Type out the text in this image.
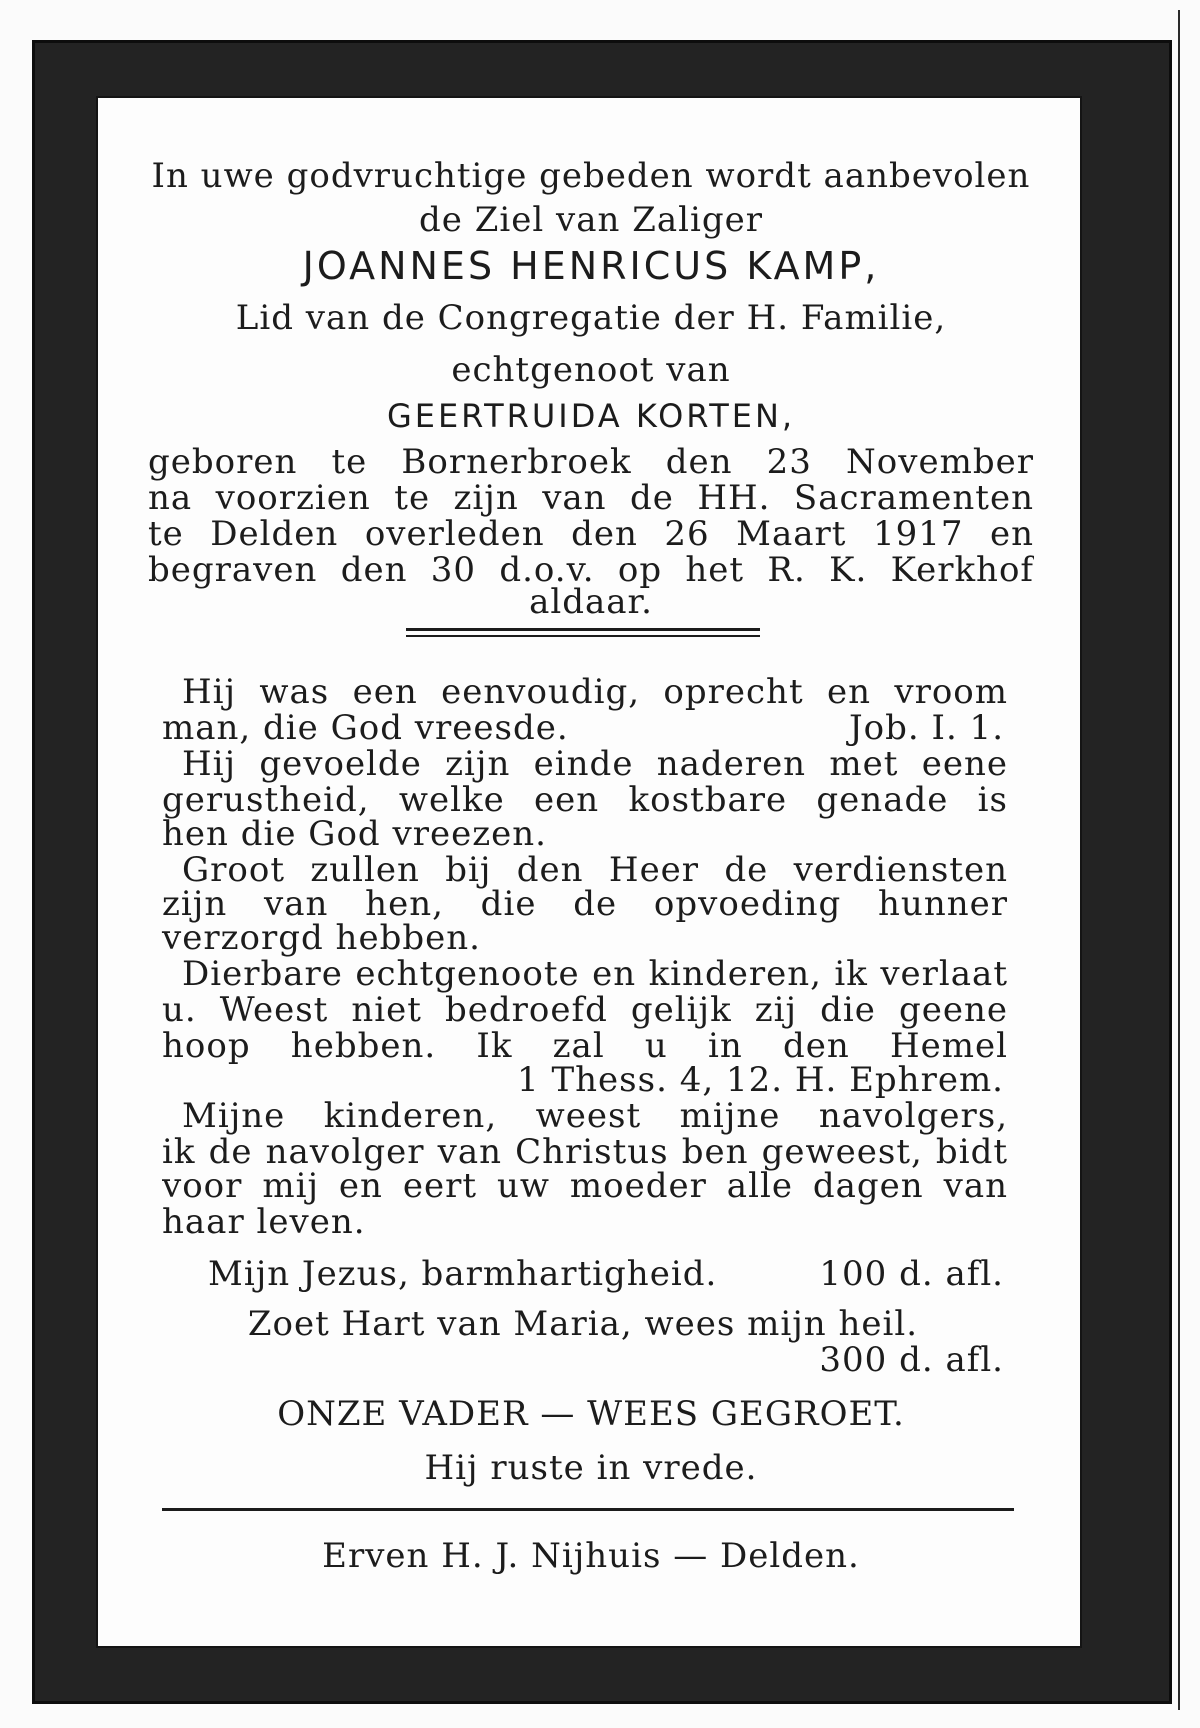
In uwe godvruchtige gebeden wordt aanbevolen
de Ziel van Zaliger
JOANNES HENRICUS KAMP,
Lid van de Congregatie der H. Familie,
echtgenoot van
GEERTRUIDA KORTEN,
geboren te Bornerbroek den 23 November
na voorzien te zijn van de HH. Sacramenten
te Delden overleden den 26 Maart 1917 en
begraven den 30 d.o.v. op het R. K. Kerkhof
aldaar.
Hij was een eenvoudig, oprecht en vroom
man, die God vreesde.	Job. I. 1.
Hij gevoelde zijn einde naderen met eene
gerustheid, welke een kostbare genade is
hen die God vreezen.
Groot zullen bij den Heer de verdiensten
zijn van hen, die de opvoeding hunner
verzorgd hebben.
Dierbare echtgenoote en kinderen, ik verlaat
u. Weest niet bedroefd gelijk zij die geene
hoop hebben. Ik zal u in den Hemel
1 Thess. 4, 12. H. Ephrem.
Mijne kinderen, weest mijne navolgers,
ik de navolger van Christus ben geweest, bidt
voor mij en eert uw moeder alle dagen van
haar leven.
Mijn Jezus, barmhartigheid.	100 d. afl.
Zoet Hart van Maria, wees mijn heil.
300 d. afl.
ONZE VADER — WEES GEGROET.
Hij ruste in vrede.
Erven H. J. Nijhuis — Delden.
